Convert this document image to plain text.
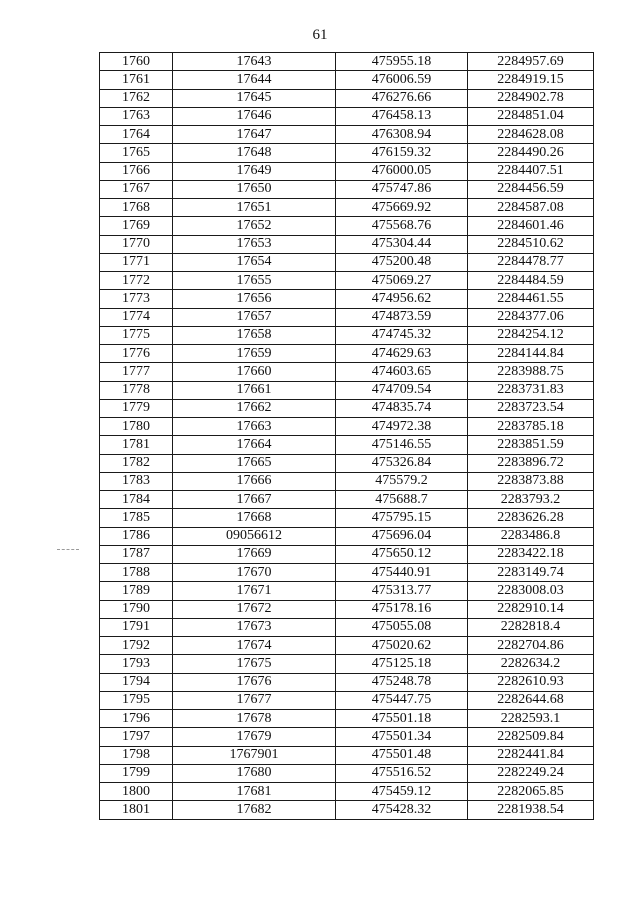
61
1760	17643	475955.18	2284957.69
1761	17644	476006.59	2284919.15
1762	17645	476276.66	2284902.78
1763	17646	476458.13	2284851.04
1764	17647	476308.94	2284628.08
1765	17648	476159.32	2284490.26
1766	17649	476000.05	2284407.51
1767	17650	475747.86	2284456.59
1768	17651	475669.92	2284587.08
1769	17652	475568.76	2284601.46
1770	17653	475304.44	2284510.62
1771	17654	475200.48	2284478.77
1772	17655	475069.27	2284484.59
1773	17656	474956.62	2284461.55
1774	17657	474873.59	2284377.06
1775	17658	474745.32	2284254.12
1776	17659	474629.63	2284144.84
1777	17660	474603.65	2283988.75
1778	17661	474709.54	2283731.83
1779	17662	474835.74	2283723.54
1780	17663	474972.38	2283785.18
1781	17664	475146.55	2283851.59
1782	17665	475326.84	2283896.72
1783	17666	475579.2	2283873.88
1784	17667	475688.7	2283793.2
1785	17668	475795.15	2283626.28
1786	09056612	475696.04	2283486.8
1787	17669	475650.12	2283422.18
1788	17670	475440.91	2283149.74
1789	17671	475313.77	2283008.03
1790	17672	475178.16	2282910.14
1791	17673	475055.08	2282818.4
1792	17674	475020.62	2282704.86
1793	17675	475125.18	2282634.2
1794	17676	475248.78	2282610.93
1795	17677	475447.75	2282644.68
1796	17678	475501.18	2282593.1
1797	17679	475501.34	2282509.84
1798	1767901	475501.48	2282441.84
1799	17680	475516.52	2282249.24
1800	17681	475459.12	2282065.85
1801	17682	475428.32	2281938.54
